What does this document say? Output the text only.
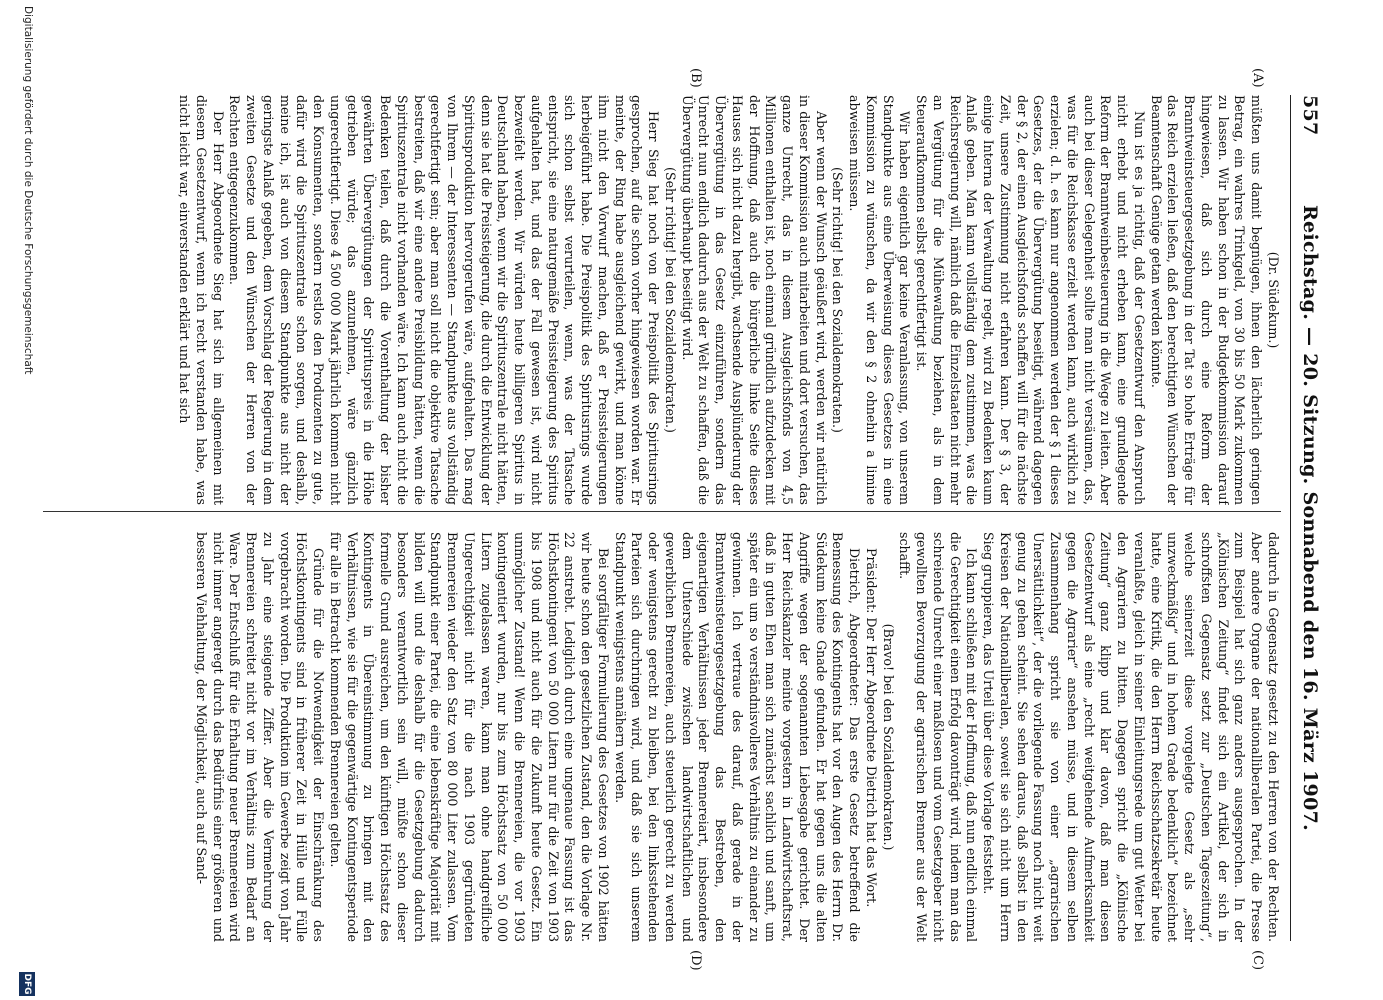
557
Reichstag. — 20. Sitzung. Sonnabend den 16. März 1907.
(A)
(B)
(C)
(D)

(Dr. Südekum.)

müßten uns damit begnügen, ihnen den lächerlich geringen Betrag, ein wahres Trinkgeld, von 30 bis 50 Mark zukommen zu lassen. Wir haben schon in der Budgetkommission darauf hingewiesen, daß sich durch eine Reform der Branntweinsteuergesetzgebung in der Tat so hohe Erträge für das Reich erzielen ließen, daß den berechtigten Wünschen der Beamtenschaft Genüge getan werden könnte.

Nun ist es ja richtig, daß der Gesetzentwurf den Anspruch nicht erhebt und nicht erheben kann, eine grundlegende Reform der Branntweinbesteuerung in die Wege zu leiten. Aber auch bei dieser Gelegenheit sollte man nicht versäumen, das, was für die Reichskasse erzielt werden kann, auch wirklich zu erzielen; d. h. es kann nur angenommen werden der § 1 dieses Gesetzes, der die Übervergütung beseitigt, während dagegen der § 2, der einen Ausgleichsfonds schaffen will für die nächste Zeit, unsere Zustimmung nicht erfahren kann. Der § 3, der einige Interna der Verwaltung regelt, wird zu Bedenken kaum Anlaß geben. Man kann vollständig dem zustimmen, was die Reichsregierung will, nämlich daß die Einzelstaaten nicht mehr an Vergütung für die Mühewaltung beziehen, als in dem Steueraufkommen selbst gerechtfertigt ist.

Wir haben eigentlich gar keine Veranlassung, von unserem Standpunkte aus eine Überweisung dieses Gesetzes in eine Kommission zu wünschen, da wir den § 2 ohnehin a limine abweisen müssen.

(Sehr richtig! bei den Sozialdemokraten.)

Aber wenn der Wunsch geäußert wird, werden wir natürlich in dieser Kommission auch mitarbeiten und dort versuchen, das ganze Unrecht, das in diesem Ausgleichsfonds von 4,5 Millionen enthalten ist, noch einmal gründlich aufzudecken mit der Hoffnung, daß auch die bürgerliche linke Seite dieses Hauses sich nicht dazu hergibt, wachsende Ausplünderung der Übervergütung in das Gesetz einzuführen, sondern das Unrecht nun endlich dadurch aus der Welt zu schaffen, daß die Übervergütung überhaupt beseitigt wird.

(Sehr richtig! bei den Sozialdemokraten.)

Herr Sieg hat noch von der Preispolitik des Spiritusrings gesprochen, auf die schon vorher hingewiesen worden war. Er meinte, der Ring habe ausgleichend gewirkt, und man könne ihm nicht den Vorwurf machen, daß er Preissteigerungen herbeigeführt habe. Die Preispolitik des Spiritusrings wurde sich schon selbst verurteilen, wenn, was der Tatsache entspricht, sie eine naturgemäße Preissteigerung des Spiritus aufgehalten hat, und das der Fall gewesen ist, wird nicht bezweifelt werden. Wir würden heute billigeren Spiritus in Deutschland haben, wenn wir die Spirituszentrale nicht hätten, denn sie hat die Preissteigerung, die durch die Entwicklung der Spiritusproduktion hervorgerufen wäre, aufgehalten. Das mag von Ihrem — der Interessenten — Standpunkte aus vollständig gerechtfertigt sein; aber man soll nicht die objektive Tatsache bestreiten, daß wir eine andere Preisbildung hätten, wenn die Spirituszentrale nicht vorhanden wäre. Ich kann auch nicht die Bedenken teilen, daß durch die Vorenthaltung der bisher gewährten Übervergütungen der Spirituspreis in die Höhe getrieben würde; das anzunehmen, wäre gänzlich ungerechtfertigt. Diese 4 500 000 Mark jährlich kommen nicht den Konsumenten, sondern restlos den Produzenten zu gute, dafür wird die Spirituszentrale schon sorgen, und deshalb, meine ich, ist auch von diesem Standpunkte aus nicht der geringste Anlaß gegeben, dem Vorschlag der Regierung in dem zweiten Gesetze und den Wünschen der Herren von der Rechten entgegenzukommen.

Der Herr Abgeordnete Sieg hat sich im allgemeinen mit diesem Gesetzentwurf, wenn ich recht verstanden habe, was nicht leicht war, einverstanden erklärt und hat sich

dadurch in Gegensatz gesetzt zu den Herren von der Rechten. Aber andere Organe der nationalliberalen Partei, die Presse zum Beispiel hat sich ganz anders ausgesprochen. In der „Kölnischen Zeitung“ findet sich ein Artikel, der sich in schroffsten Gegensatz setzt zur „Deutschen Tageszeitung“, welche seinerzeit diese vorgelegte Gesetz als „sehr unzweckmäßig“ und in hohem Grade bedenklich“ bezeichnet hatte, eine Kritik, die den Herrn Reichsschatzsekretär heute veranlaßte, gleich in seiner Einleitungsrede um gut Wetter bei den Agrariern zu bitten. Dagegen spricht die „Kölnische Zeitung“ ganz klipp und klar davon, daß man diesen Gesetzentwurf als eine „recht weitgehende Aufmerksamkeit gegen die Agrarier“ ansehen müsse, und in diesem selben Zusammenhang spricht sie von einer „agrarischen Unersättlichkeit“, der die vorliegende Fassung noch nicht weit genug zu gehen scheint. Sie sehen daraus, daß selbst in den Kreisen der Nationalliberalen, soweit sie sich nicht um Herrn Sieg gruppieren, das Urteil über diese Vorlage feststeht.

Ich kann schließen mit der Hoffnung, daß nun endlich einmal die Gerechtigkeit einen Erfolg davonträgt wird, indem man das schreiende Unrecht einer maßlosen und vom Gesetzgeber nicht gewollten Bevorzugung der agrarischen Brenner aus der Welt schafft.

(Bravo! bei den Sozialdemokraten.)

Präsident: Der Herr Abgeordnete Dietrich hat das Wort.

Dietrich, Abgeordneter: Das erste Gesetz betreffend die Bemessung des Kontingents hat vor den Augen des Herrn Dr. Südekum keine Gnade gefunden. Er hat gegen uns die alten Angriffe wegen der sogenannten Liebesgabe gerichtet. Der Herr Reichskanzler meinte vorgestern in Landwirtschaftsrat, daß in guten Ehen man sich zunächst sachlich und sanft, um später ein um so verständnisvolleres Verhältnis zu einander zu gewinnen. Ich vertraue des darauf, daß gerade in der Branntweinsteuergesetzgebung das Bestreben, den eigenartigen Verhältnissen jeder Brennereiart, insbesondere dem Unterschiede zwischen landwirtschaftlichen und gewerblichen Brennereien, auch steuerlich gerecht zu werden oder wenigstens gerecht zu bleiben, bei den linksstehenden Parteien sich durchringen wird, und daß sie sich unserem Standpunkt wenigstens annähern werden.

Bei sorgfältiger Formulierung des Gesetzes von 1902 hätten wir heute schon den gesetzlichen Zustand, den die Vorlage Nr. 22 anstrebt. Lediglich durch eine ungenaue Fassung ist das Höchstkontingent von 50 000 Litern nur für die Zeit von 1903 bis 1908 und nicht auch für die Zukunft heute Gesetz. Ein unmöglicher Zustand! Wenn die Brennereien, die vor 1903 kontingentiert wurden, nur bis zum Höchstsatz von 50 000 Litern zugelassen waren, kann man ohne handgreifliche Ungerechtigkeit nicht für die nach 1903 gegründeten Brennereien wieder den Satz von 80 000 Liter zulassen. Vom Standpunkt einer Partei, die eine lebenskräftige Majorität mit bilden will und die deshalb für die Gesetzgebung dadurch besonders verantwortlich sein will, müßte schon dieser formelle Grund ausreichen, um den künftigen Höchstsatz des Kontingents in Übereinstimmung zu bringen mit den Verhältnissen, wie sie für die gegenwärtige Kontingentsperiode für alle in Betracht kommenden Brennereien gelten.

Gründe für die Notwendigkeit der Einschränkung des Höchstkontingents sind in früherer Zeit in Hülle und Fülle vorgebracht worden. Die Produktion im Gewerbe zeigt von Jahr zu Jahr eine steigende Ziffer. Aber die Vermehrung der Brennereien schreitet nicht vor im Verhältnis zum Bedarf an Ware. Der Entschluß für die Erhaltung neuer Brennereien wird nicht immer angeregt durch das Bedürfnis einer größeren und besseren Viehhaltung, der Möglichkeit, auch auf Sand-

Digitalisierung gefördert durch die Deutsche Forschungsgemeinschaft
DFG
